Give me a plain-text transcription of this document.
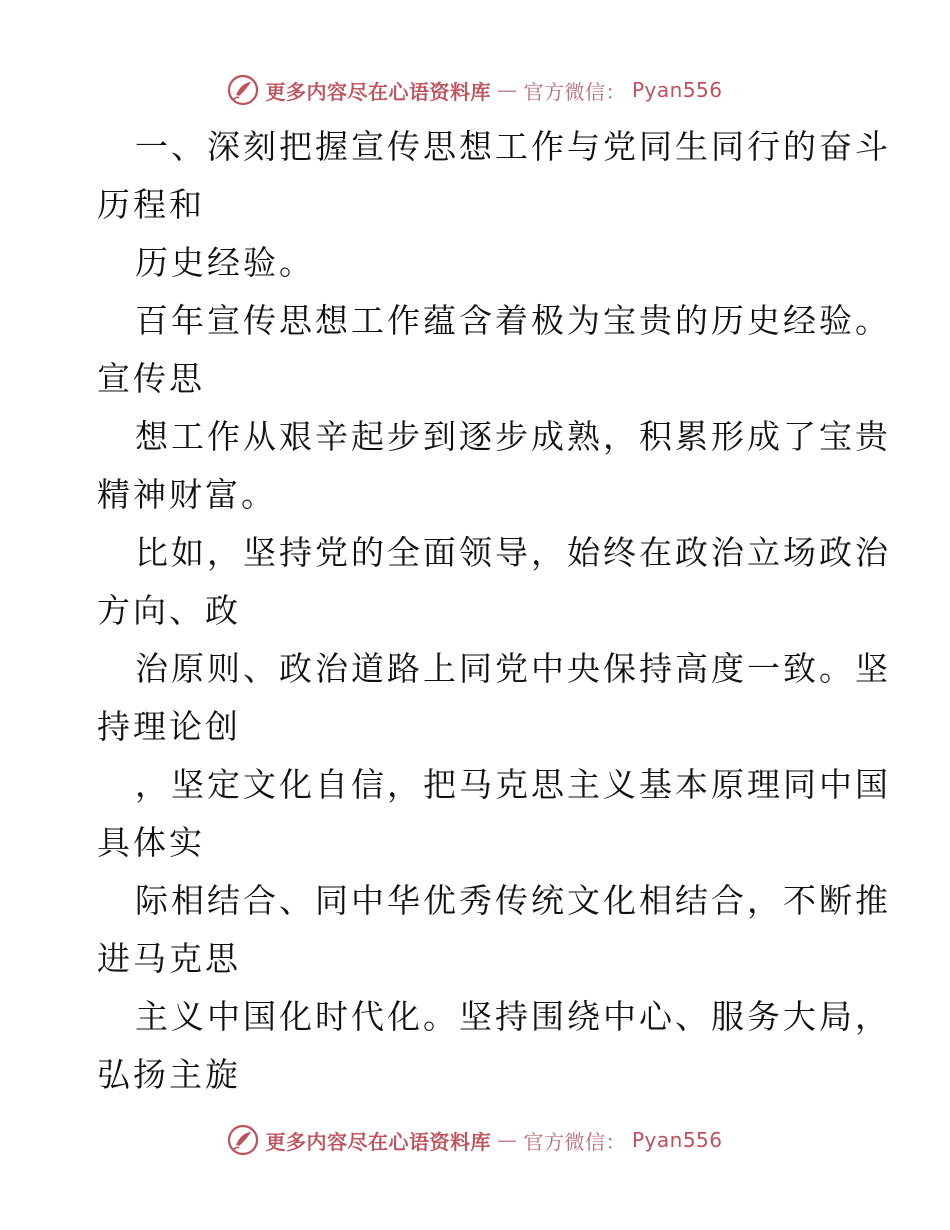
更多内容尽在心语资料库 — 官方微信： Pyan556

一、深刻把握宣传思想工作与党同生同行的奋斗
历程和
历史经验。
百年宣传思想工作蕴含着极为宝贵的历史经验。
宣传思
想工作从艰辛起步到逐步成熟，积累形成了宝贵
精神财富。
比如，坚持党的全面领导，始终在政治立场政治
方向、政
治原则、政治道路上同党中央保持高度一致。坚
持理论创
，坚定文化自信，把马克思主义基本原理同中国
具体实
际相结合、同中华优秀传统文化相结合，不断推
进马克思
主义中国化时代化。坚持围绕中心、服务大局，
弘扬主旋

更多内容尽在心语资料库 — 官方微信： Pyan556
